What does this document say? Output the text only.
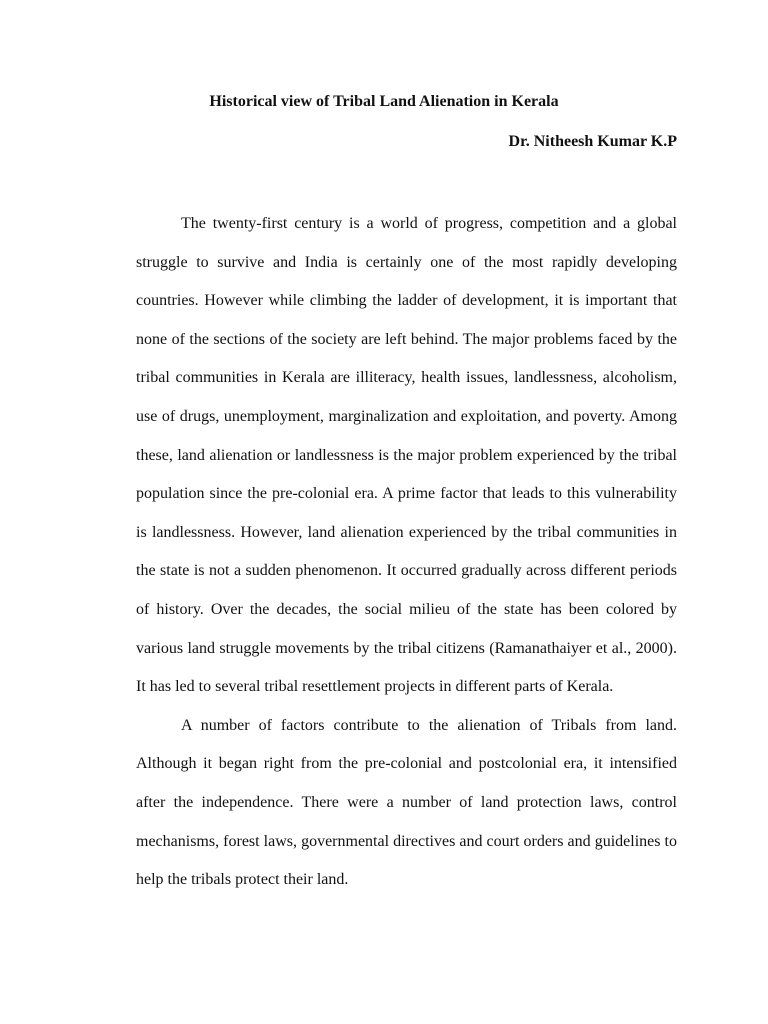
Historical view of Tribal Land Alienation in Kerala
Dr. Nitheesh Kumar K.P

The twenty-first century is a world of progress, competition and a global struggle to survive and India is certainly one of the most rapidly developing countries. However while climbing the ladder of development, it is important that none of the sections of the society are left behind. The major problems faced by the tribal communities in Kerala are illiteracy, health issues, landlessness, alcoholism, use of drugs, unemployment, marginalization and exploitation, and poverty. Among these, land alienation or landlessness is the major problem experienced by the tribal population since the pre-colonial era. A prime factor that leads to this vulnerability is landlessness. However, land alienation experienced by the tribal communities in the state is not a sudden phenomenon. It occurred gradually across different periods of history. Over the decades, the social milieu of the state has been colored by various land struggle movements by the tribal citizens (Ramanathaiyer et al., 2000). It has led to several tribal resettlement projects in different parts of Kerala.

A number of factors contribute to the alienation of Tribals from land. Although it began right from the pre-colonial and postcolonial era, it intensified after the independence. There were a number of land protection laws, control mechanisms, forest laws, governmental directives and court orders and guidelines to help the tribals protect their land.
